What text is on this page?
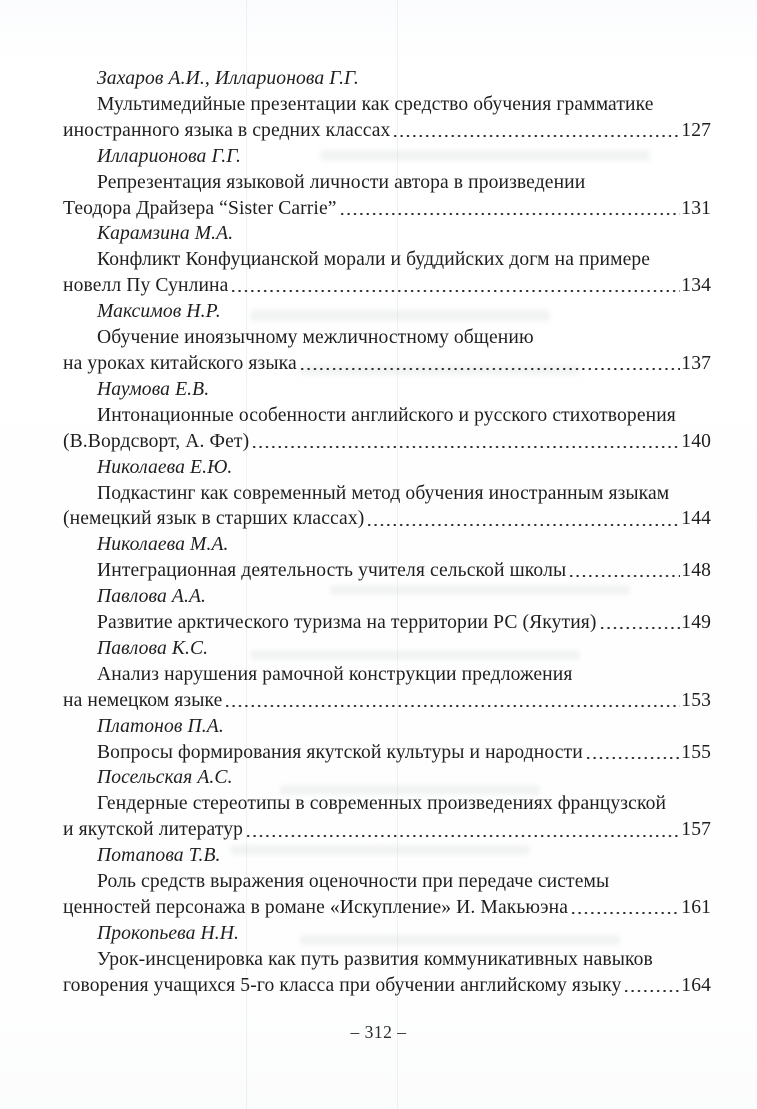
Захаров А.И., Илларионова Г.Г.
Мультимедийные презентации как средство обучения грамматике
иностранного языка в средних классах	127
Илларионова Г.Г.
Репрезентация языковой личности автора в произведении
Теодора Драйзера “Sister Carrie”	131
Карамзина М.А.
Конфликт Конфуцианской морали и буддийских догм на примере
новелл Пу Сунлина	134
Максимов Н.Р.
Обучение иноязычному межличностному общению
на уроках китайского языка	137
Наумова Е.В.
Интонационные особенности английского и русского стихотворения
(В.Вордсворт, А. Фет)	140
Николаева Е.Ю.
Подкастинг как современный метод обучения иностранным языкам
(немецкий язык в старших классах)	144
Николаева М.А.
Интеграционная деятельность учителя сельской школы	148
Павлова А.А.
Развитие арктического туризма на территории РС (Якутия)	149
Павлова К.С.
Анализ нарушения рамочной конструкции предложения
на немецком языке	153
Платонов П.А.
Вопросы формирования якутской культуры и народности	155
Посельская А.С.
Гендерные стереотипы в современных произведениях французской
и якутской литератур	157
Потапова Т.В.
Роль средств выражения оценочности при передаче системы
ценностей персонажа в романе «Искупление» И. Макьюэна	161
Прокопьева Н.Н.
Урок-инсценировка как путь развития коммуникативных навыков
говорения учащихся 5-го класса при обучении английскому языку	164
– 312 –
